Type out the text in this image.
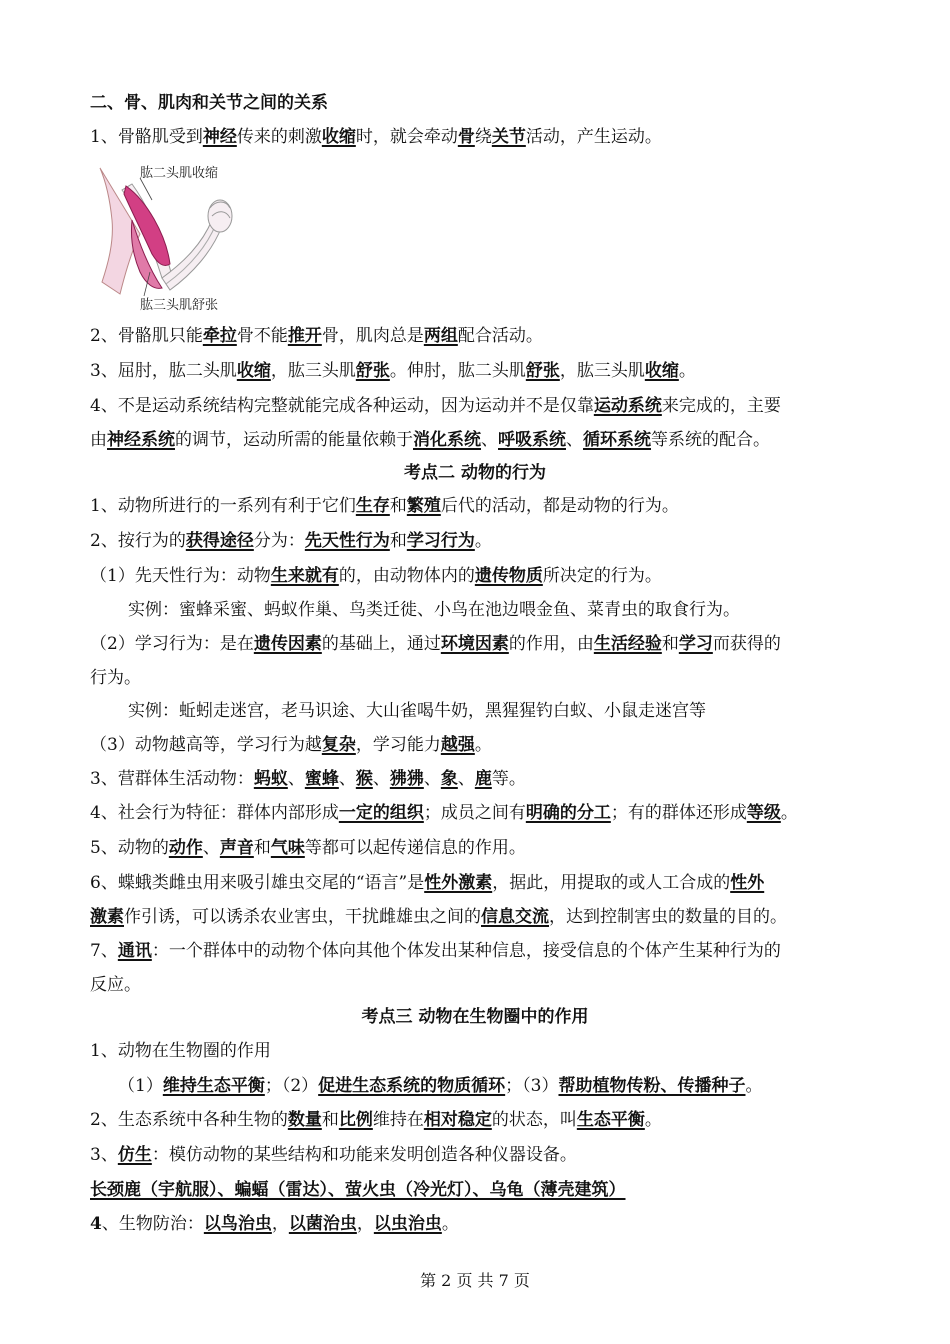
二、骨、肌肉和关节之间的关系
1、骨骼肌受到神经传来的刺激收缩时，就会牵动骨绕关节活动，产生运动。
肱二头肌收缩
肱三头肌舒张
2、骨骼肌只能牵拉骨不能推开骨，肌肉总是两组配合活动。
3、屈肘，肱二头肌收缩，肱三头肌舒张。伸肘，肱二头肌舒张，肱三头肌收缩。
4、不是运动系统结构完整就能完成各种运动，因为运动并不是仅靠运动系统来完成的，主要
由神经系统的调节，运动所需的能量依赖于消化系统、呼吸系统、循环系统等系统的配合。
考点二 动物的行为
1、动物所进行的一系列有利于它们生存和繁殖后代的活动，都是动物的行为。
2、按行为的获得途径分为：先天性行为和学习行为。
（1）先天性行为：动物生来就有的，由动物体内的遗传物质所决定的行为。
实例：蜜蜂采蜜、蚂蚁作巢、鸟类迁徙、小鸟在池边喂金鱼、菜青虫的取食行为。
（2）学习行为：是在遗传因素的基础上，通过环境因素的作用，由生活经验和学习而获得的
行为。
实例：蚯蚓走迷宫，老马识途、大山雀喝牛奶，黑猩猩钓白蚁、小鼠走迷宫等
（3）动物越高等，学习行为越复杂，学习能力越强。
3、营群体生活动物：蚂蚁、蜜蜂、猴、狒狒、象、鹿等。
4、社会行为特征：群体内部形成一定的组织；成员之间有明确的分工；有的群体还形成等级。
5、动物的动作、声音和气味等都可以起传递信息的作用。
6、蝶蛾类雌虫用来吸引雄虫交尾的“语言”是性外激素，据此，用提取的或人工合成的性外
激素作引诱，可以诱杀农业害虫，干扰雌雄虫之间的信息交流，达到控制害虫的数量的目的。
7、通讯：一个群体中的动物个体向其他个体发出某种信息，接受信息的个体产生某种行为的
反应。
考点三 动物在生物圈中的作用
1、动物在生物圈的作用
（1）维持生态平衡；（2）促进生态系统的物质循环；（3）帮助植物传粉、传播种子。
2、生态系统中各种生物的数量和比例维持在相对稳定的状态，叫生态平衡。
3、仿生：模仿动物的某些结构和功能来发明创造各种仪器设备。
长颈鹿（宇航服）、蝙蝠（雷达）、萤火虫（冷光灯）、乌龟（薄壳建筑）
4、生物防治：以鸟治虫，以菌治虫，以虫治虫。
第 2 页 共 7 页
